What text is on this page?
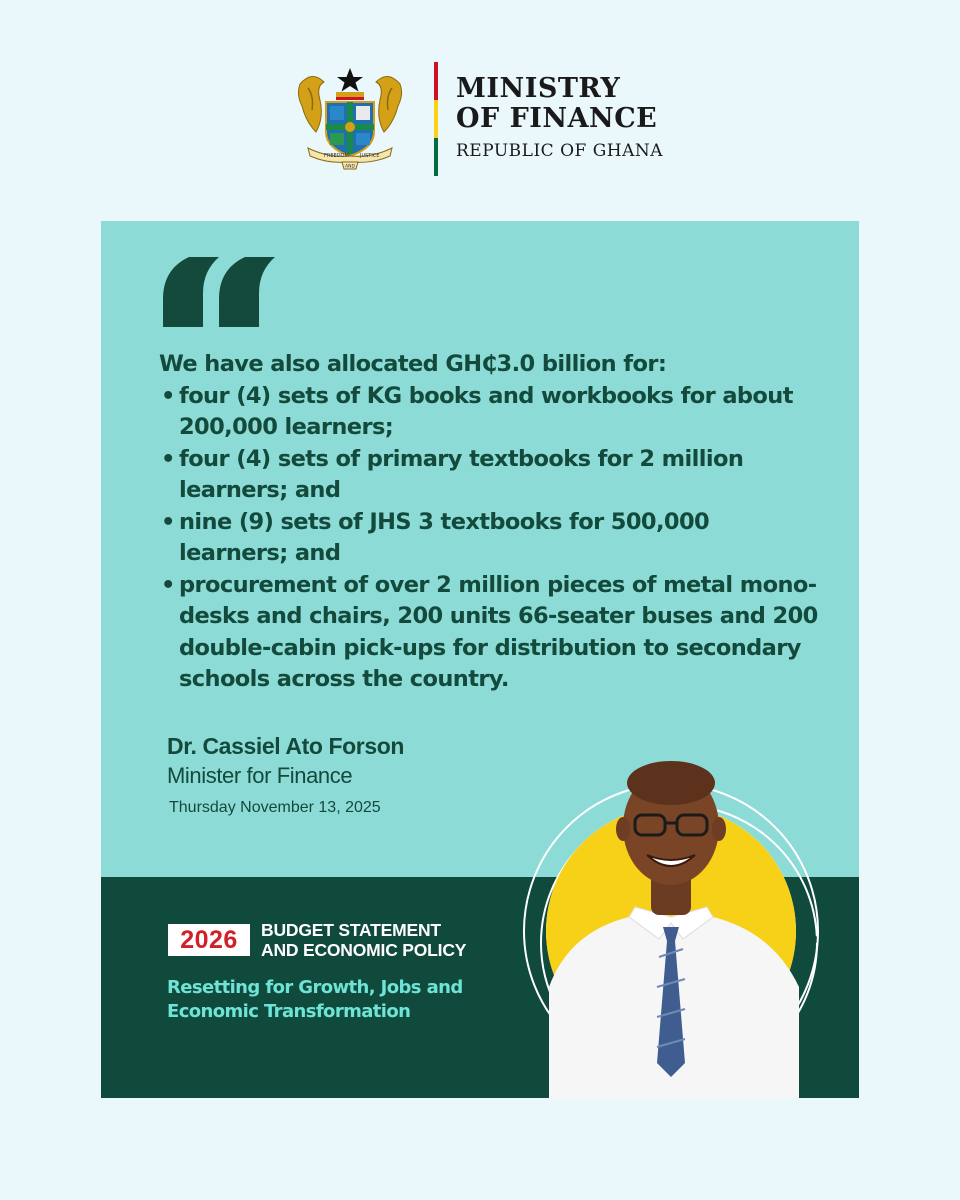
FREEDOM JUSTICE
AND
MINISTRY
OF FINANCE
REPUBLIC OF GHANA
We have also allocated GH₵3.0 billion for:
• four (4) sets of KG books and workbooks for about 200,000 learners;
• four (4) sets of primary textbooks for 2 million learners; and
• nine (9) sets of JHS 3 textbooks for 500,000 learners; and
• procurement of over 2 million pieces of metal mono-desks and chairs, 200 units 66-seater buses and 200 double-cabin pick-ups for distribution to secondary schools across the country.
Dr. Cassiel Ato Forson
Minister for Finance
Thursday November 13, 2025
2026	BUDGET STATEMENT
AND ECONOMIC POLICY
Resetting for Growth, Jobs and
Economic Transformation
